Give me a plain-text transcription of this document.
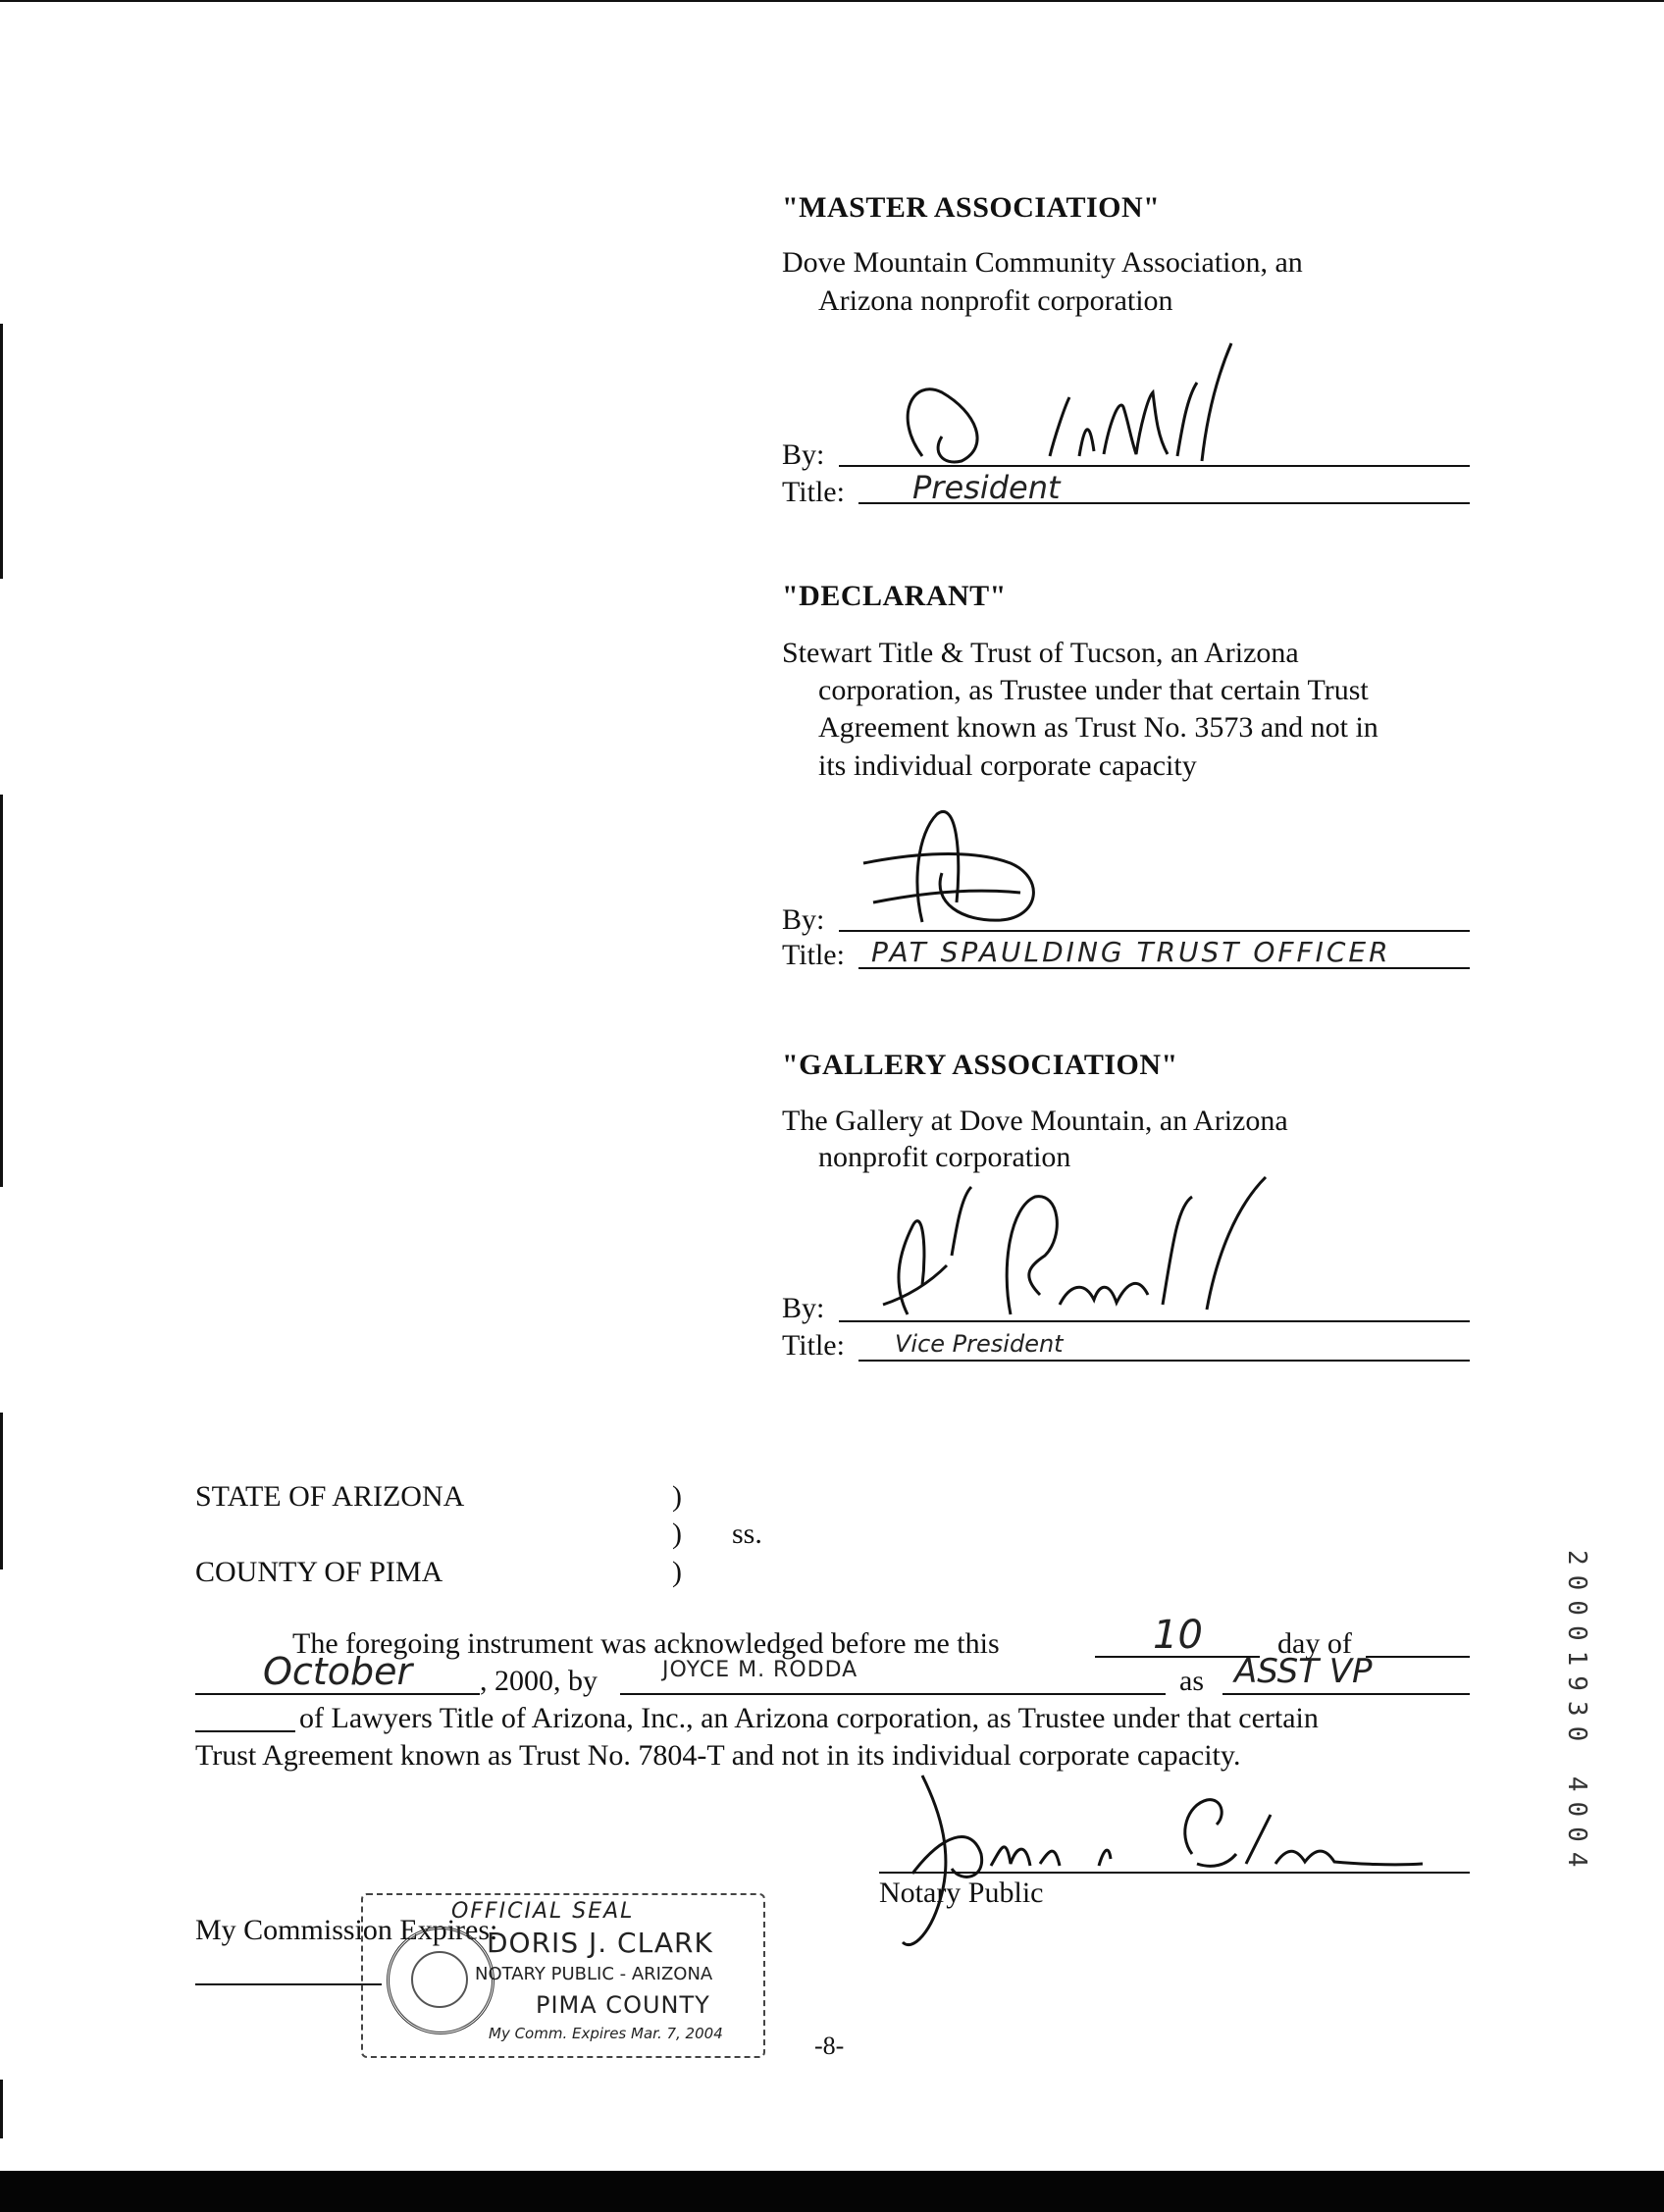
"MASTER ASSOCIATION"
Dove Mountain Community Association, an
Arizona nonprofit corporation
By:
Title: President
"DECLARANT"
Stewart Title & Trust of Tucson, an Arizona
corporation, as Trustee under that certain Trust
Agreement known as Trust No. 3573 and not in
its individual corporate capacity
By:
Title: PAT SPAULDING TRUST OFFICER
"GALLERY ASSOCIATION"
The Gallery at Dove Mountain, an Arizona
nonprofit corporation
By:
Title: Vice President
STATE OF ARIZONA	)
) ss.
COUNTY OF PIMA	)
The foregoing instrument was acknowledged before me this	10	day of
October , 2000, by	JOYCE M. RODDA	as ASST VP
of Lawyers Title of Arizona, Inc., an Arizona corporation, as Trustee under that certain
Trust Agreement known as Trust No. 7804-T and not in its individual corporate capacity.
Notary Public
My Commission Expires:
OFFICIAL SEAL
DORIS J. CLARK
NOTARY PUBLIC - ARIZONA
PIMA COUNTY
My Comm. Expires Mar. 7, 2004	-8-
20001930 4004
